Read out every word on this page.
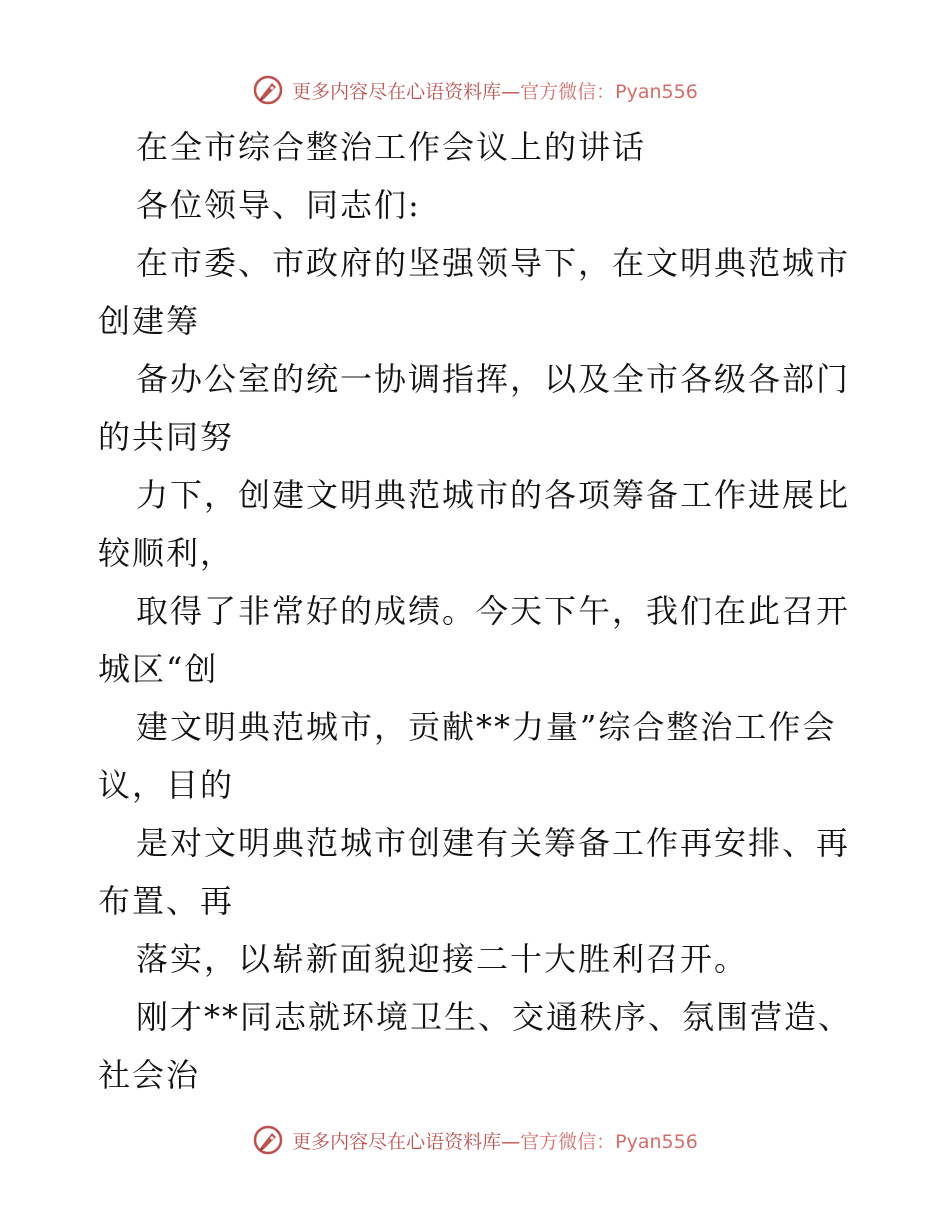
更多内容尽在心语资料库—官方微信：Pyan556
在全市综合整治工作会议上的讲话
各位领导、同志们:
在市委、市政府的坚强领导下，在文明典范城市
创建筹
备办公室的统一协调指挥，以及全市各级各部门
的共同努
力下，创建文明典范城市的各项筹备工作进展比
较顺利，
取得了非常好的成绩。今天下午，我们在此召开
城区“创
建文明典范城市，贡献**力量”综合整治工作会
议，目的
是对文明典范城市创建有关筹备工作再安排、再
布置、再
落实，以崭新面貌迎接二十大胜利召开。
刚才**同志就环境卫生、交通秩序、氛围营造、
社会治
更多内容尽在心语资料库—官方微信：Pyan556
